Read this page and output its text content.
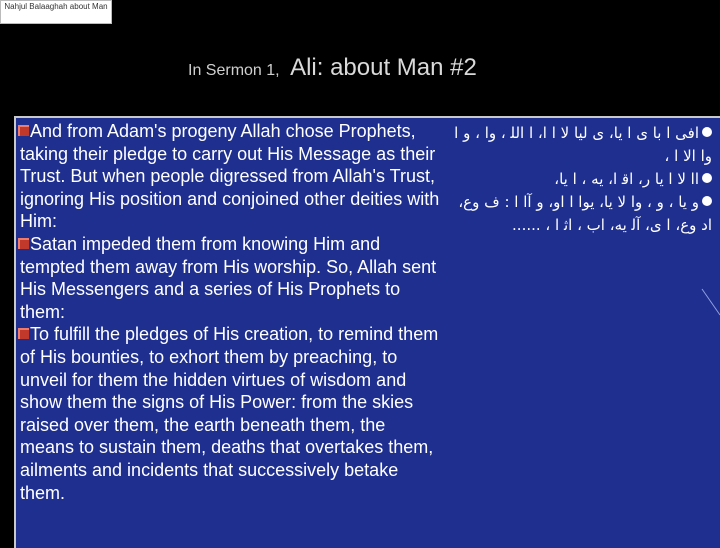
Nahjul Balaaghah about Man
In Sermon 1, Ali: about Man #2

And from Adam's progeny Allah chose Prophets, taking their pledge to carry out His Message as their Trust. But when people digressed from Allah's Trust, ignoring His position and conjoined other deities with Him:

Satan impeded them from knowing Him and tempted them away from His worship. So, Allah sent His Messengers and a series of His Prophets to them:

To fulfill the pledges of His creation, to remind them of His bounties, to exhort them by preaching, to unveil for them the hidden virtues of wisdom and show them the signs of His Power: from the skies raised over them, the earth beneath them, the means to sustain them, deaths that overtakes them, ailments and incidents that successively betake them.

افی ا با ی ا یا، ی لیا لا ا ا، ا اﻟﻠ ، وا ، و ا وا الا ا ،

اا لا ا یا ر، اﻗ ا، یه ، ا یا،

و یا ، و ، وا لا یا، یوا ا او، و آا ا : ف وع، اد وع، ا ی، آﻟ یه، اب ، اﺛ ا ، ......
